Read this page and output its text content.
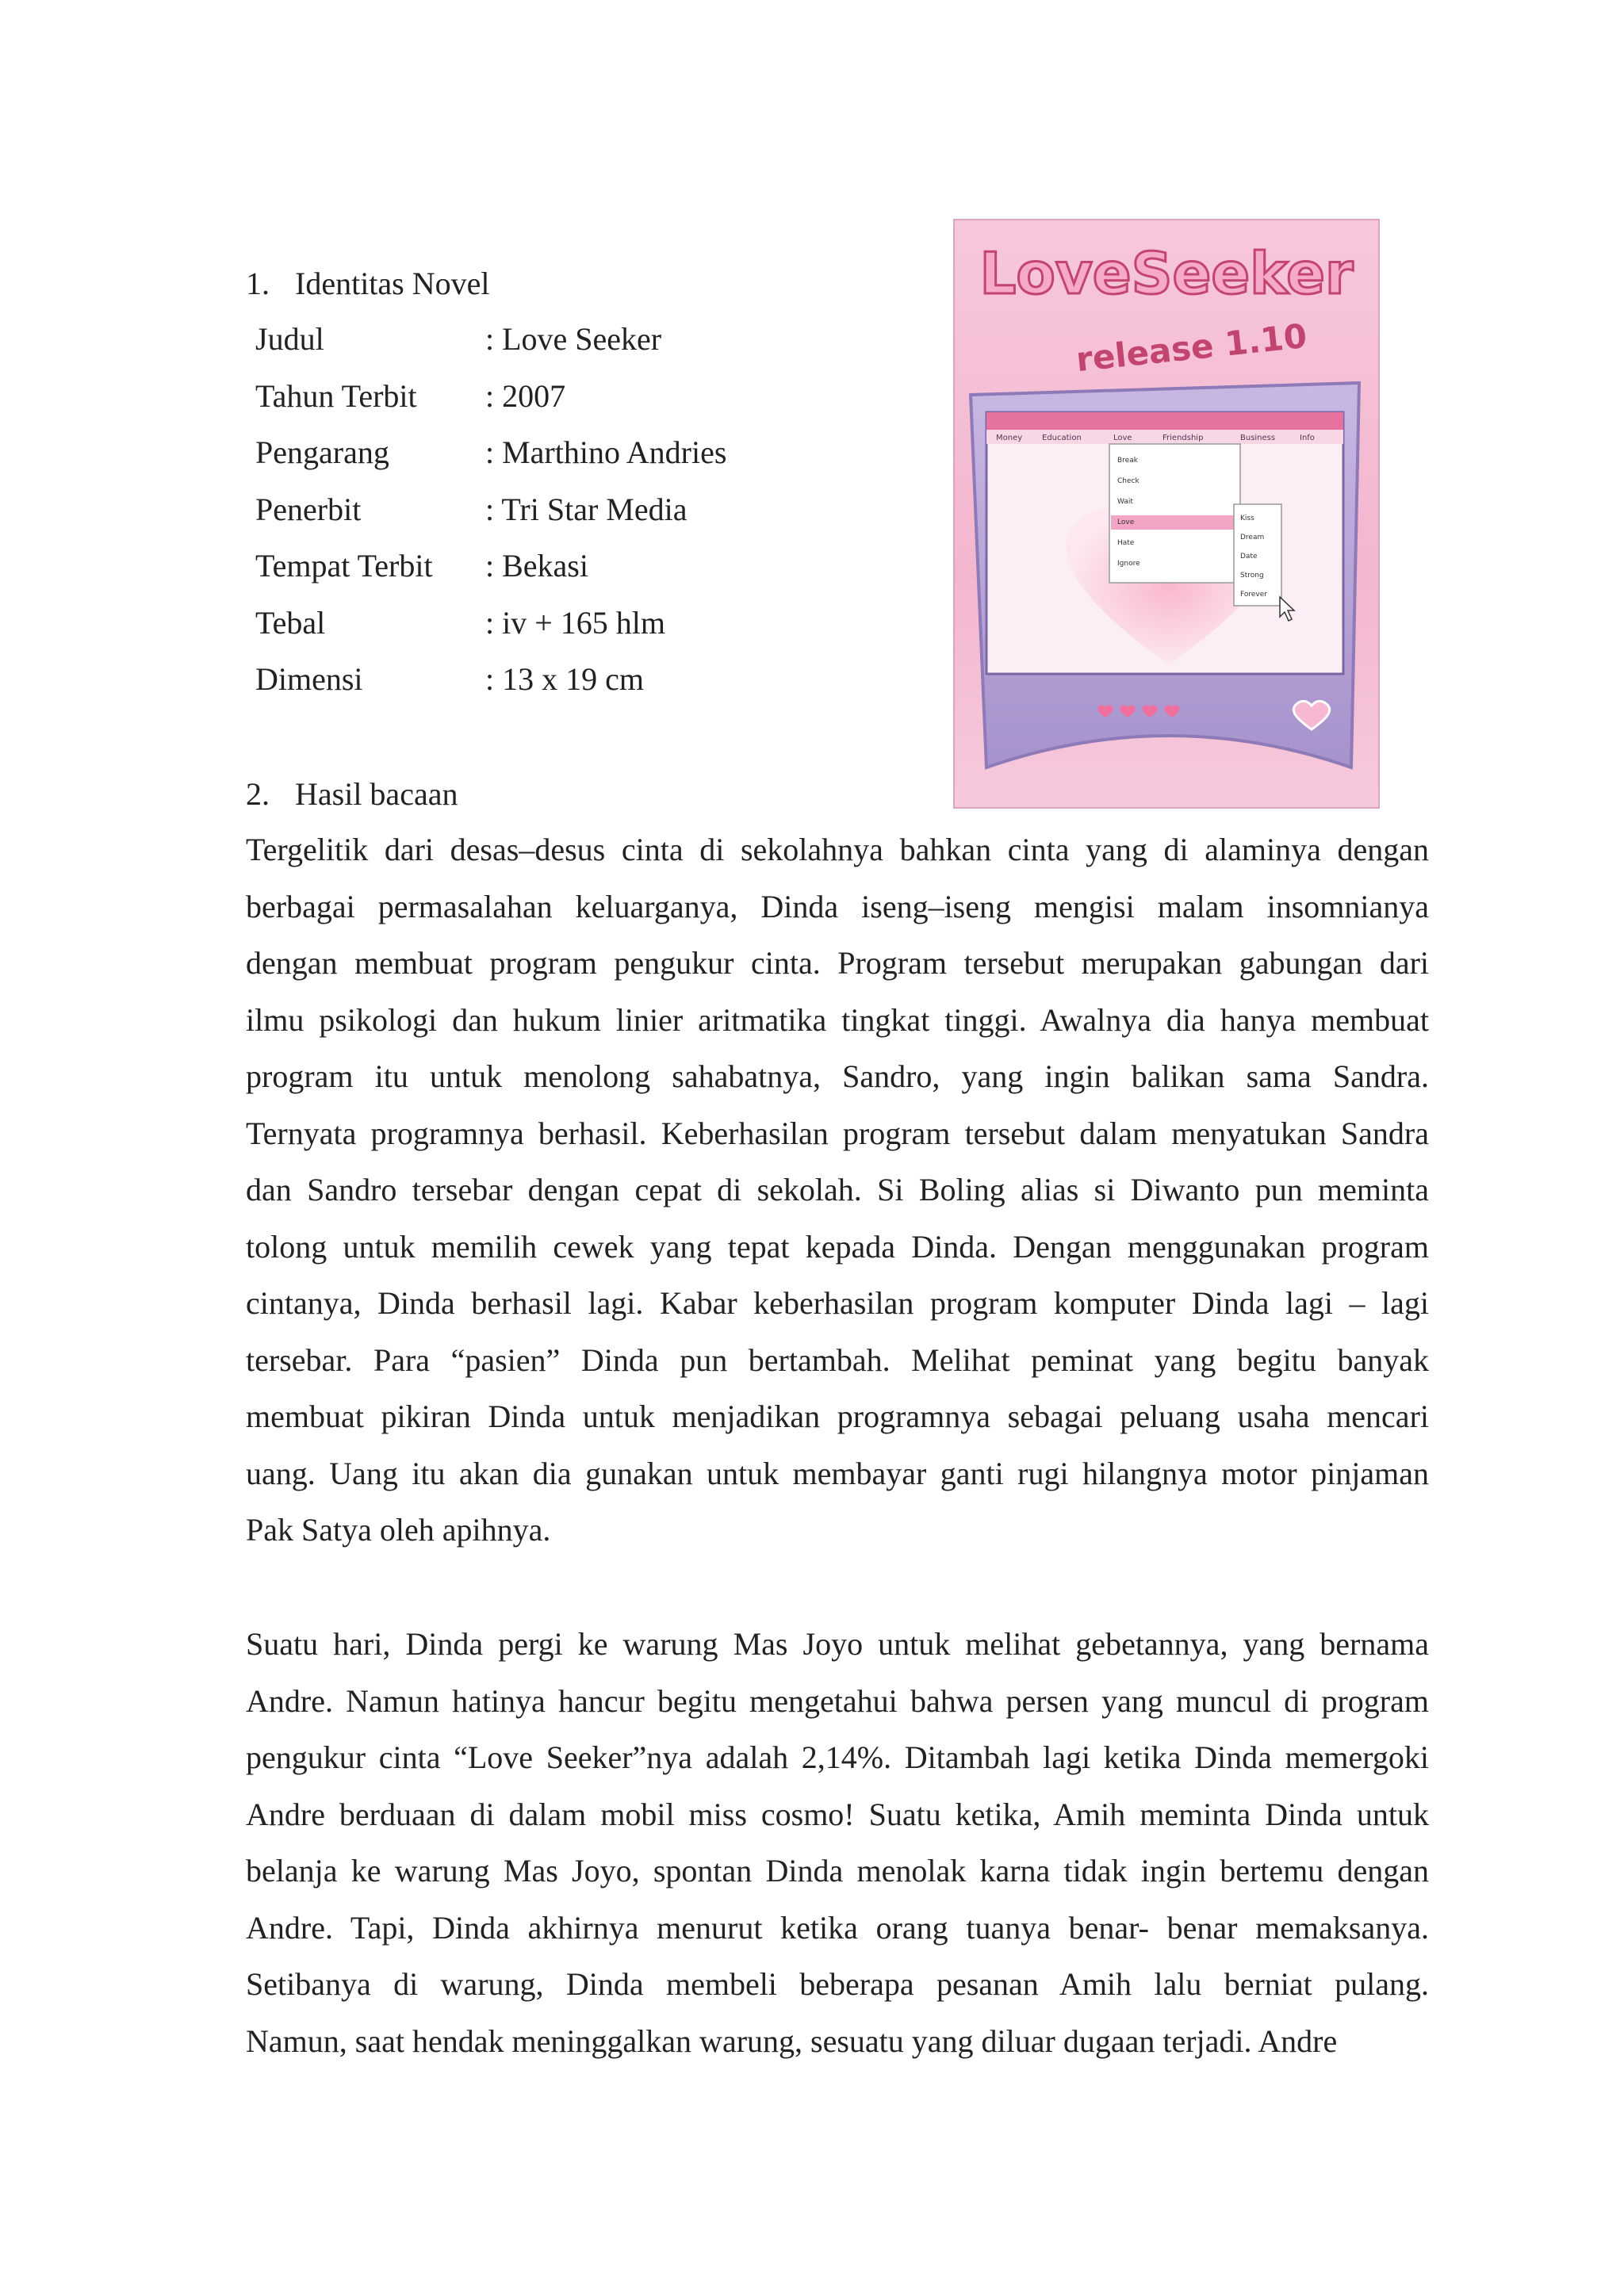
1. Identitas Novel
Judul	: Love Seeker
Tahun Terbit	: 2007
Pengarang	: Marthino Andries
Penerbit	: Tri Star Media
Tempat Terbit	: Bekasi
Tebal	: iv + 165 hlm
Dimensi	: 13 x 19 cm
LoveSeeker
release 1.10
Money Education	Love	Friendship	Business	Info
Break
Check
Wait
Love
Hate
Ignore
Kiss
Dream
Date
Strong
Forever
2. Hasil bacaan
Tergelitik dari desas–desus cinta di sekolahnya bahkan cinta yang di alaminya dengan
berbagai permasalahan keluarganya, Dinda iseng–iseng mengisi malam insomnianya
dengan membuat program pengukur cinta. Program tersebut merupakan gabungan dari
ilmu psikologi dan hukum linier aritmatika tingkat tinggi. Awalnya dia hanya membuat
program itu untuk menolong sahabatnya, Sandro, yang ingin balikan sama Sandra.
Ternyata programnya berhasil. Keberhasilan program tersebut dalam menyatukan Sandra
dan Sandro tersebar dengan cepat di sekolah. Si Boling alias si Diwanto pun meminta
tolong untuk memilih cewek yang tepat kepada Dinda. Dengan menggunakan program
cintanya, Dinda berhasil lagi. Kabar keberhasilan program komputer Dinda lagi – lagi
tersebar. Para “pasien” Dinda pun bertambah. Melihat peminat yang begitu banyak
membuat pikiran Dinda untuk menjadikan programnya sebagai peluang usaha mencari
uang. Uang itu akan dia gunakan untuk membayar ganti rugi hilangnya motor pinjaman
Pak Satya oleh apihnya.
Suatu hari, Dinda pergi ke warung Mas Joyo untuk melihat gebetannya, yang bernama
Andre. Namun hatinya hancur begitu mengetahui bahwa persen yang muncul di program
pengukur cinta “Love Seeker”nya adalah 2,14%. Ditambah lagi ketika Dinda memergoki
Andre berduaan di dalam mobil miss cosmo! Suatu ketika, Amih meminta Dinda untuk
belanja ke warung Mas Joyo, spontan Dinda menolak karna tidak ingin bertemu dengan
Andre. Tapi, Dinda akhirnya menurut ketika orang tuanya benar- benar memaksanya.
Setibanya di warung, Dinda membeli beberapa pesanan Amih lalu berniat pulang.
Namun, saat hendak meninggalkan warung, sesuatu yang diluar dugaan terjadi. Andre
